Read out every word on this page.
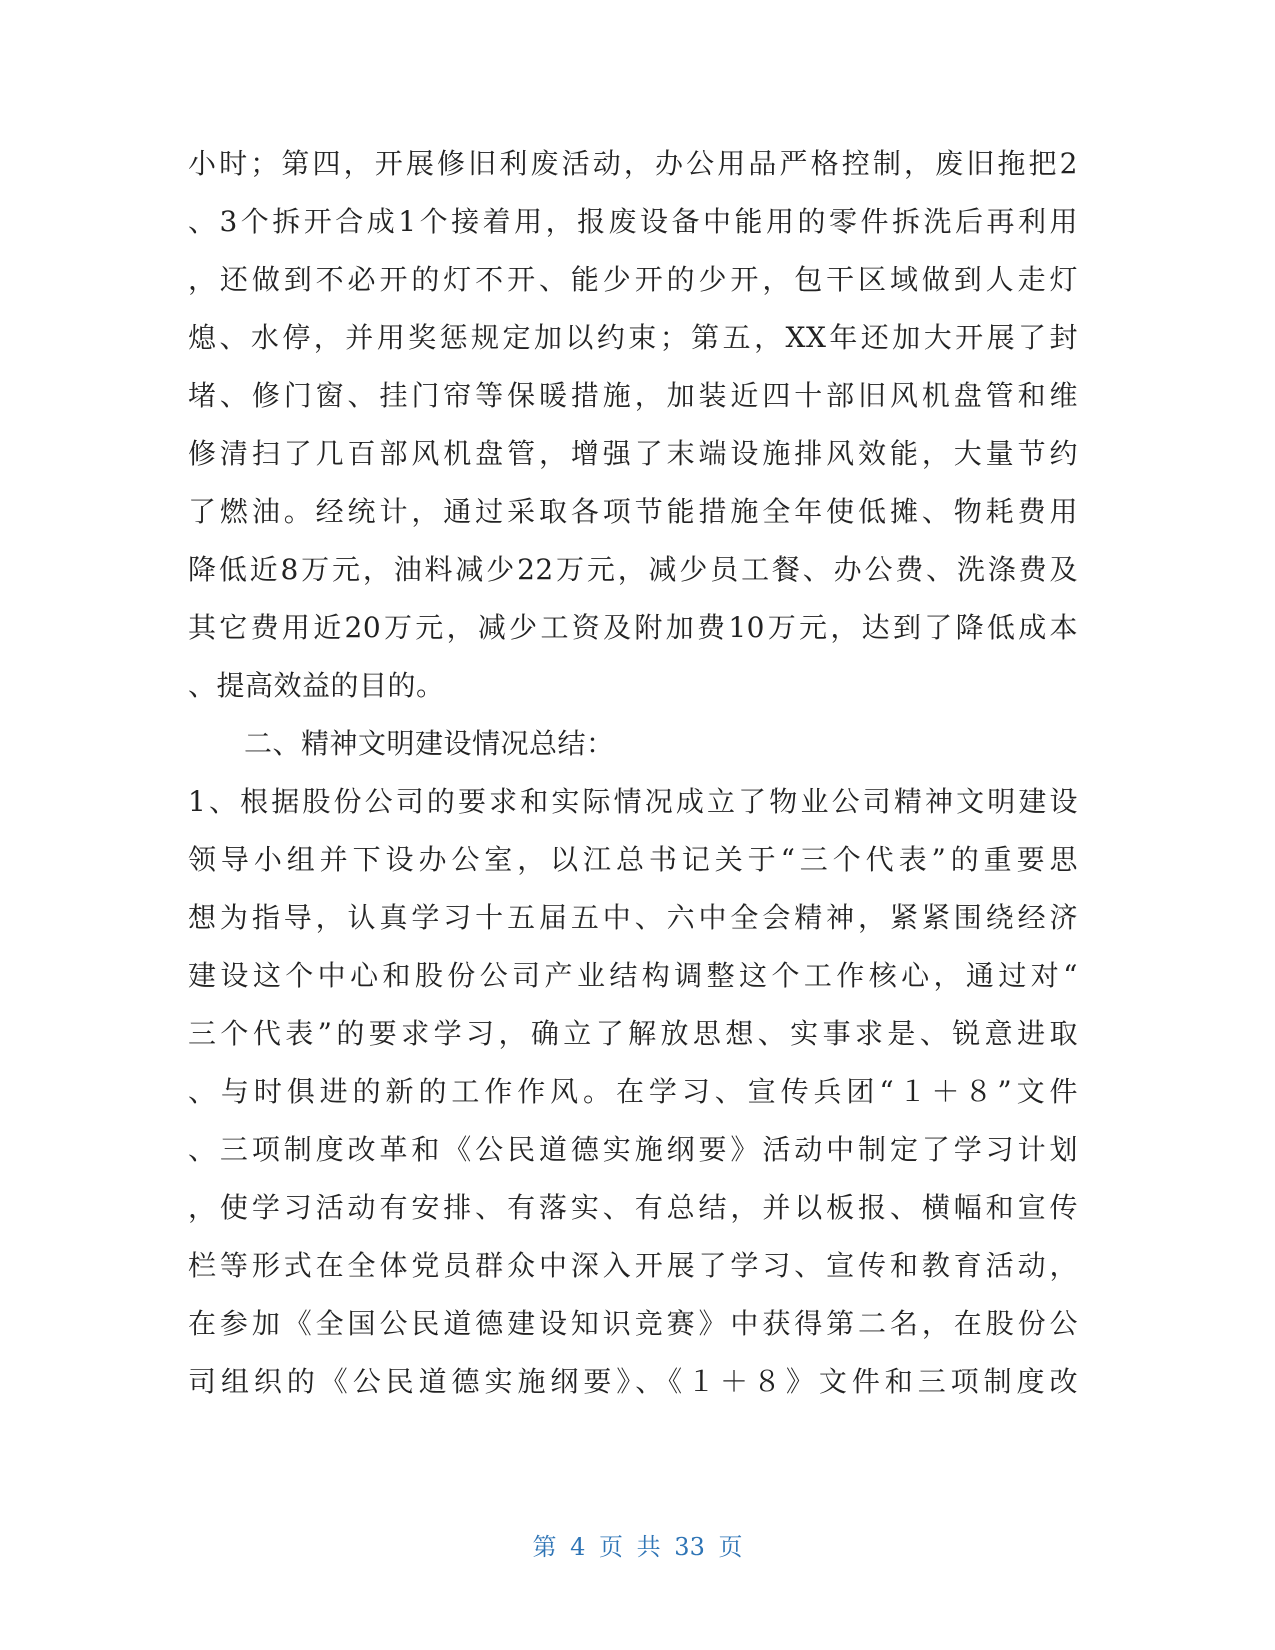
小时；第四，开展修旧利废活动，办公用品严格控制，废旧拖把2
、3个拆开合成1个接着用，报废设备中能用的零件拆洗后再利用
，还做到不必开的灯不开、能少开的少开，包干区域做到人走灯
熄、水停，并用奖惩规定加以约束；第五，XX年还加大开展了封
堵、修门窗、挂门帘等保暖措施，加装近四十部旧风机盘管和维
修清扫了几百部风机盘管，增强了末端设施排风效能，大量节约
了燃油。经统计，通过采取各项节能措施全年使低摊、物耗费用
降低近8万元，油料减少22万元，减少员工餐、办公费、洗涤费及
其它费用近20万元，减少工资及附加费10万元，达到了降低成本
、提高效益的目的。
二、精神文明建设情况总结：
1、根据股份公司的要求和实际情况成立了物业公司精神文明建设
领导小组并下设办公室，以江总书记关于“三个代表”的重要思
想为指导，认真学习十五届五中、六中全会精神，紧紧围绕经济
建设这个中心和股份公司产业结构调整这个工作核心，通过对“
三个代表”的要求学习，确立了解放思想、实事求是、锐意进取
、与时俱进的新的工作作风。在学习、宣传兵团“１＋８”文件
、三项制度改革和《公民道德实施纲要》活动中制定了学习计划
，使学习活动有安排、有落实、有总结，并以板报、横幅和宣传
栏等形式在全体党员群众中深入开展了学习、宣传和教育活动，
在参加《全国公民道德建设知识竞赛》中获得第二名，在股份公
司组织的《公民道德实施纲要》、《１＋８》文件和三项制度改
第 4 页 共 33 页
